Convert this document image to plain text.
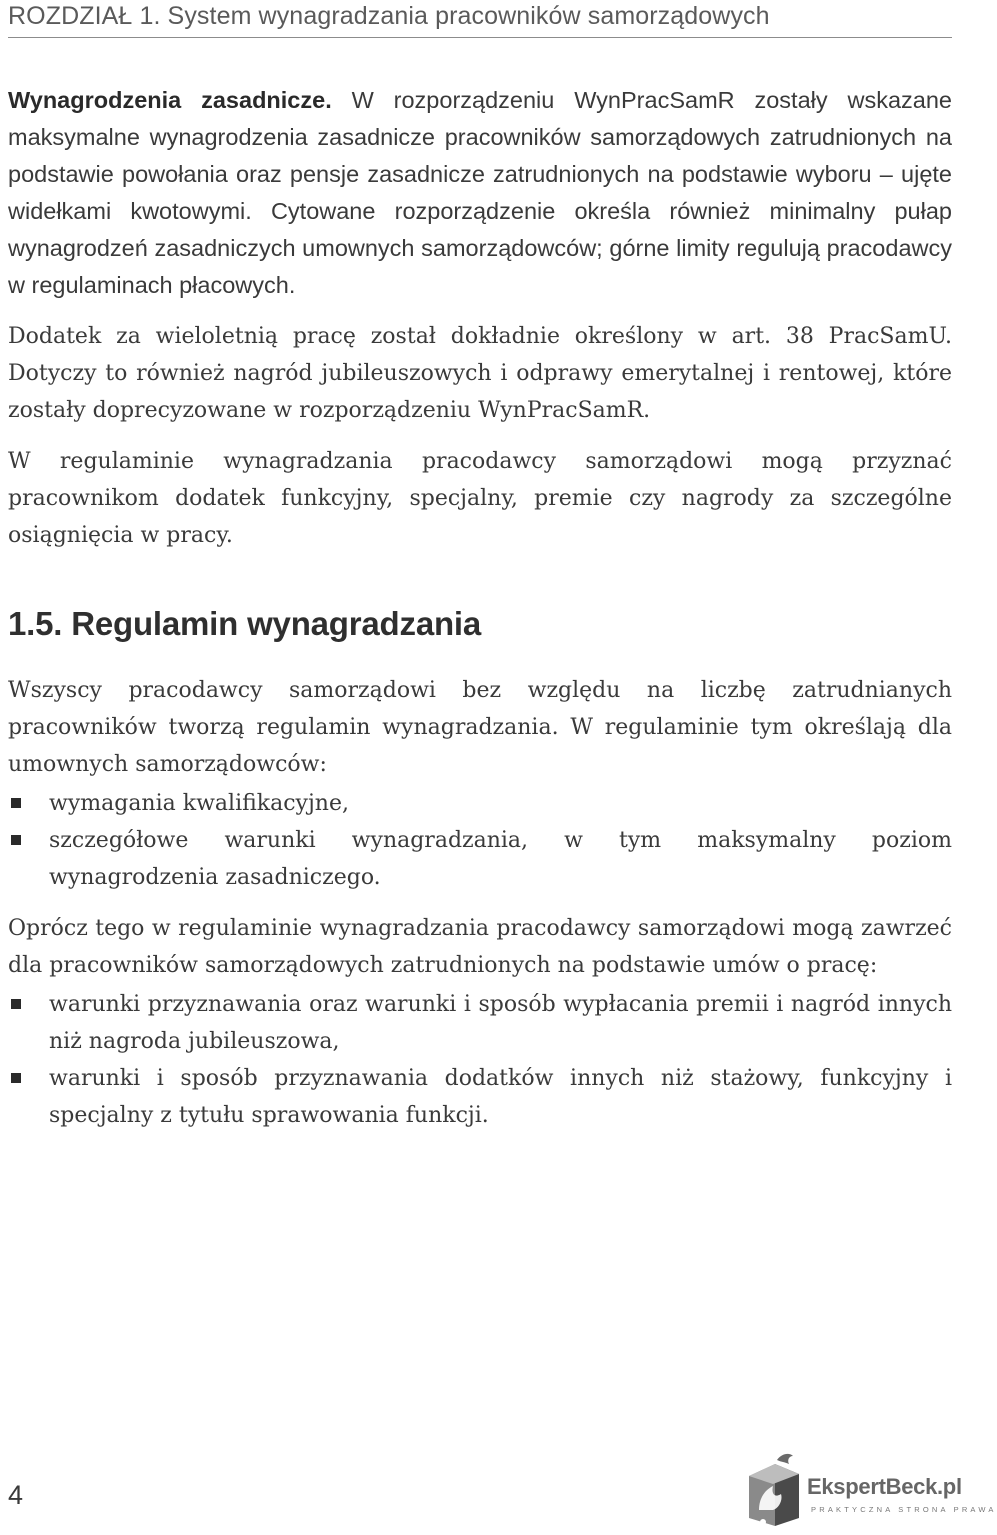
ROZDZIAŁ 1. System wynagradzania pracowników samorządowych

Wynagrodzenia zasadnicze. W rozporządzeniu WynPracSamR zostały wskazane maksymalne wynagrodzenia zasadnicze pracowników samorządowych zatrudnionych na podstawie powołania oraz pensje zasadnicze zatrudnionych na podstawie wyboru – ujęte widełkami kwotowymi. Cytowane rozporządzenie określa również minimalny pułap wynagrodzeń zasadniczych umownych samorządowców; górne limity regulują pracodawcy w regulaminach płacowych.

Dodatek za wieloletnią pracę został dokładnie określony w art. 38 PracSamU. Dotyczy to również nagród jubileuszowych i odprawy emerytalnej i rentowej, które zostały doprecyzowane w rozporządzeniu WynPracSamR.

W regulaminie wynagradzania pracodawcy samorządowi mogą przyznać pracownikom dodatek funkcyjny, specjalny, premie czy nagrody za szczególne osiągnięcia w pracy.

1.5. Regulamin wynagradzania

Wszyscy pracodawcy samorządowi bez względu na liczbę zatrudnianych pracowników tworzą regulamin wynagradzania. W regulaminie tym określają dla umownych samorządowców:

wymagania kwalifikacyjne,
szczegółowe warunki wynagradzania, w tym maksymalny poziom wynagrodzenia zasadniczego.

Oprócz tego w regulaminie wynagradzania pracodawcy samorządowi mogą zawrzeć dla pracowników samorządowych zatrudnionych na podstawie umów o pracę:

warunki przyznawania oraz warunki i sposób wypłacania premii i nagród innych niż nagroda jubileuszowa,
warunki i sposób przyznawania dodatków innych niż stażowy, funkcyjny i specjalny z tytułu sprawowania funkcji.
4	EkspertBeck.pl
PRAKTYCZNA STRONA PRAWA
